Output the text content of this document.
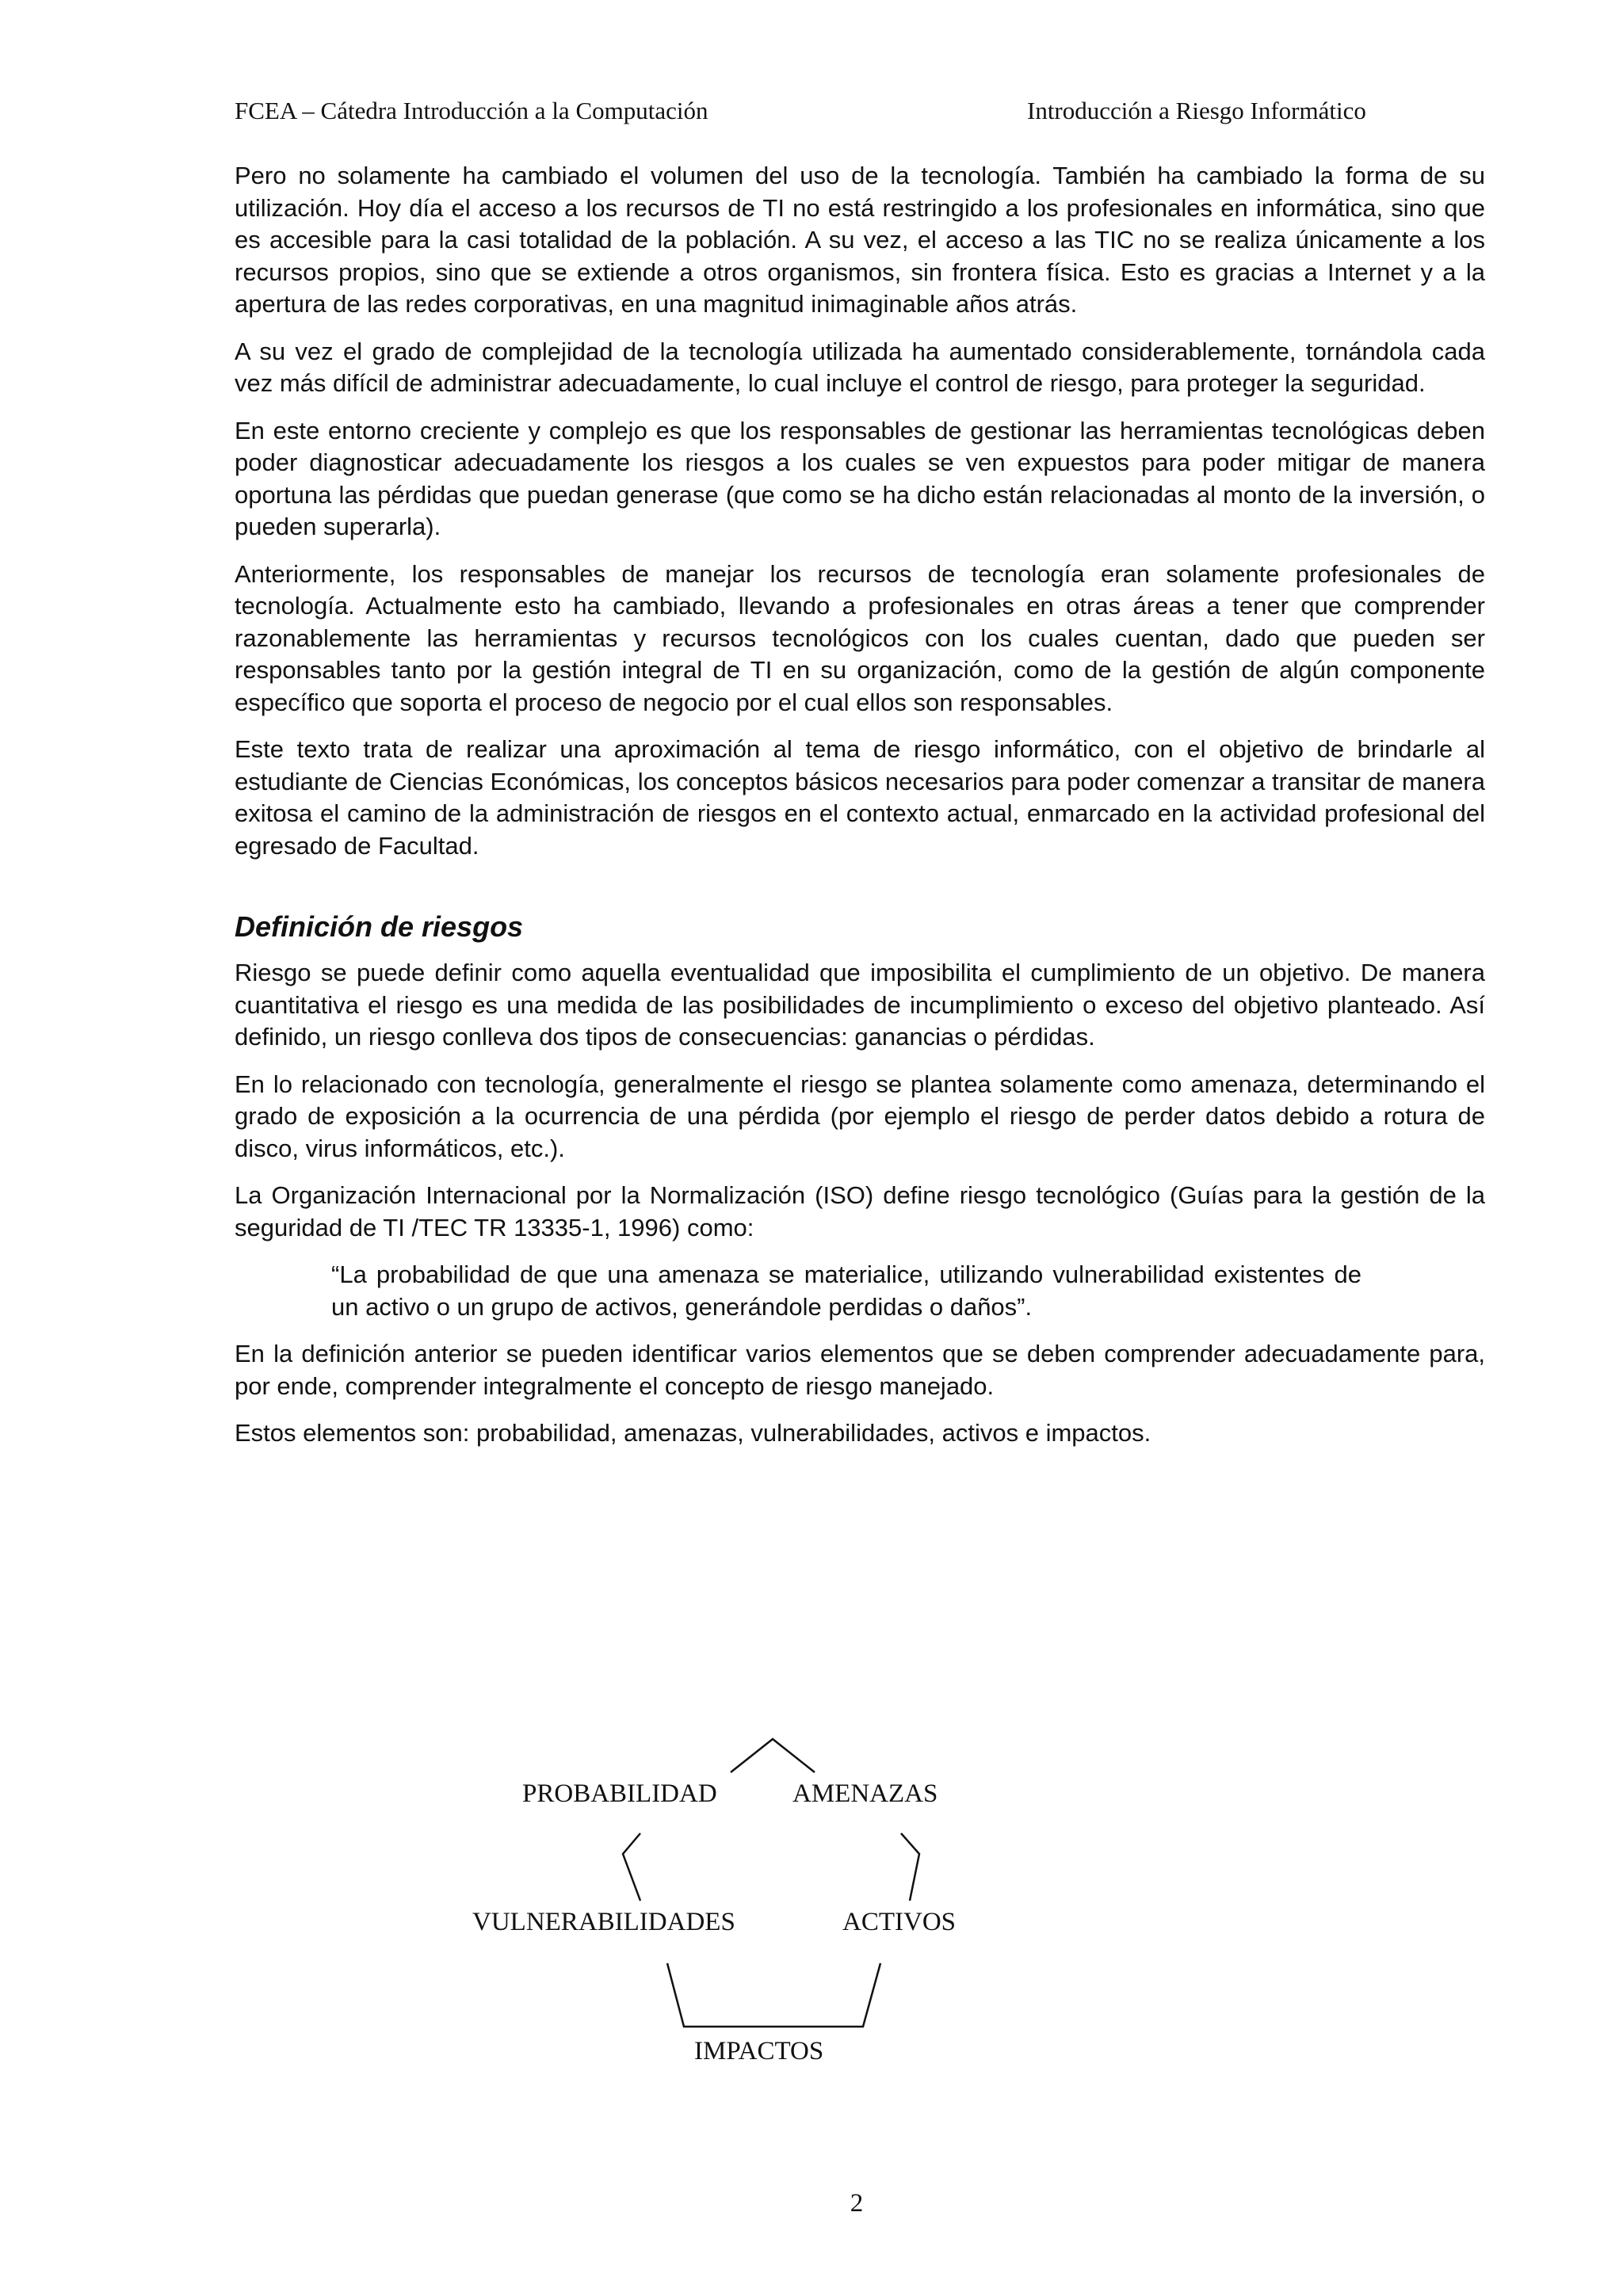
FCEA – Cátedra Introducción a la Computación	Introducción a Riesgo Informático

Pero no solamente ha cambiado el volumen del uso de la tecnología. También ha cambiado la forma de su utilización. Hoy día el acceso a los recursos de TI no está restringido a los profesionales en informática, sino que es accesible para la casi totalidad de la población. A su vez, el acceso a las TIC no se realiza únicamente a los recursos propios, sino que se extiende a otros organismos, sin frontera física. Esto es gracias a Internet y a la apertura de las redes corporativas, en una magnitud inimaginable años atrás.

A su vez el grado de complejidad de la tecnología utilizada ha aumentado considerablemente, tornándola cada vez más difícil de administrar adecuadamente, lo cual incluye el control de riesgo, para proteger la seguridad.

En este entorno creciente y complejo es que los responsables de gestionar las herramientas tecnológicas deben poder diagnosticar adecuadamente los riesgos a los cuales se ven expuestos para poder mitigar de manera oportuna las pérdidas que puedan generase (que como se ha dicho están relacionadas al monto de la inversión, o pueden superarla).

Anteriormente, los responsables de manejar los recursos de tecnología eran solamente profesionales de tecnología. Actualmente esto ha cambiado, llevando a profesionales en otras áreas a tener que comprender razonablemente las herramientas y recursos tecnológicos con los cuales cuentan, dado que pueden ser responsables tanto por la gestión integral de TI en su organización, como de la gestión de algún componente específico que soporta el proceso de negocio por el cual ellos son responsables.

Este texto trata de realizar una aproximación al tema de riesgo informático, con el objetivo de brindarle al estudiante de Ciencias Económicas, los conceptos básicos necesarios para poder comenzar a transitar de manera exitosa el camino de la administración de riesgos en el contexto actual, enmarcado en la actividad profesional del egresado de Facultad.

Definición de riesgos

Riesgo se puede definir como aquella eventualidad que imposibilita el cumplimiento de un objetivo. De manera cuantitativa el riesgo es una medida de las posibilidades de incumplimiento o exceso del objetivo planteado. Así definido, un riesgo conlleva dos tipos de consecuencias: ganancias o pérdidas.

En lo relacionado con tecnología, generalmente el riesgo se plantea solamente como amenaza, determinando el grado de exposición a la ocurrencia de una pérdida (por ejemplo el riesgo de perder datos debido a rotura de disco, virus informáticos, etc.).

La Organización Internacional por la Normalización (ISO) define riesgo tecnológico (Guías para la gestión de la seguridad de TI /TEC TR 13335-1, 1996) como:

“La probabilidad de que una amenaza se materialice, utilizando vulnerabilidad existentes de un activo o un grupo de activos, generándole perdidas o daños”.

En la definición anterior se pueden identificar varios elementos que se deben comprender adecuadamente para, por ende, comprender integralmente el concepto de riesgo manejado.

Estos elementos son: probabilidad, amenazas, vulnerabilidades, activos e impactos.

PROBABILIDAD	AMENAZAS
VULNERABILIDADES	ACTIVOS
IMPACTOS
2
